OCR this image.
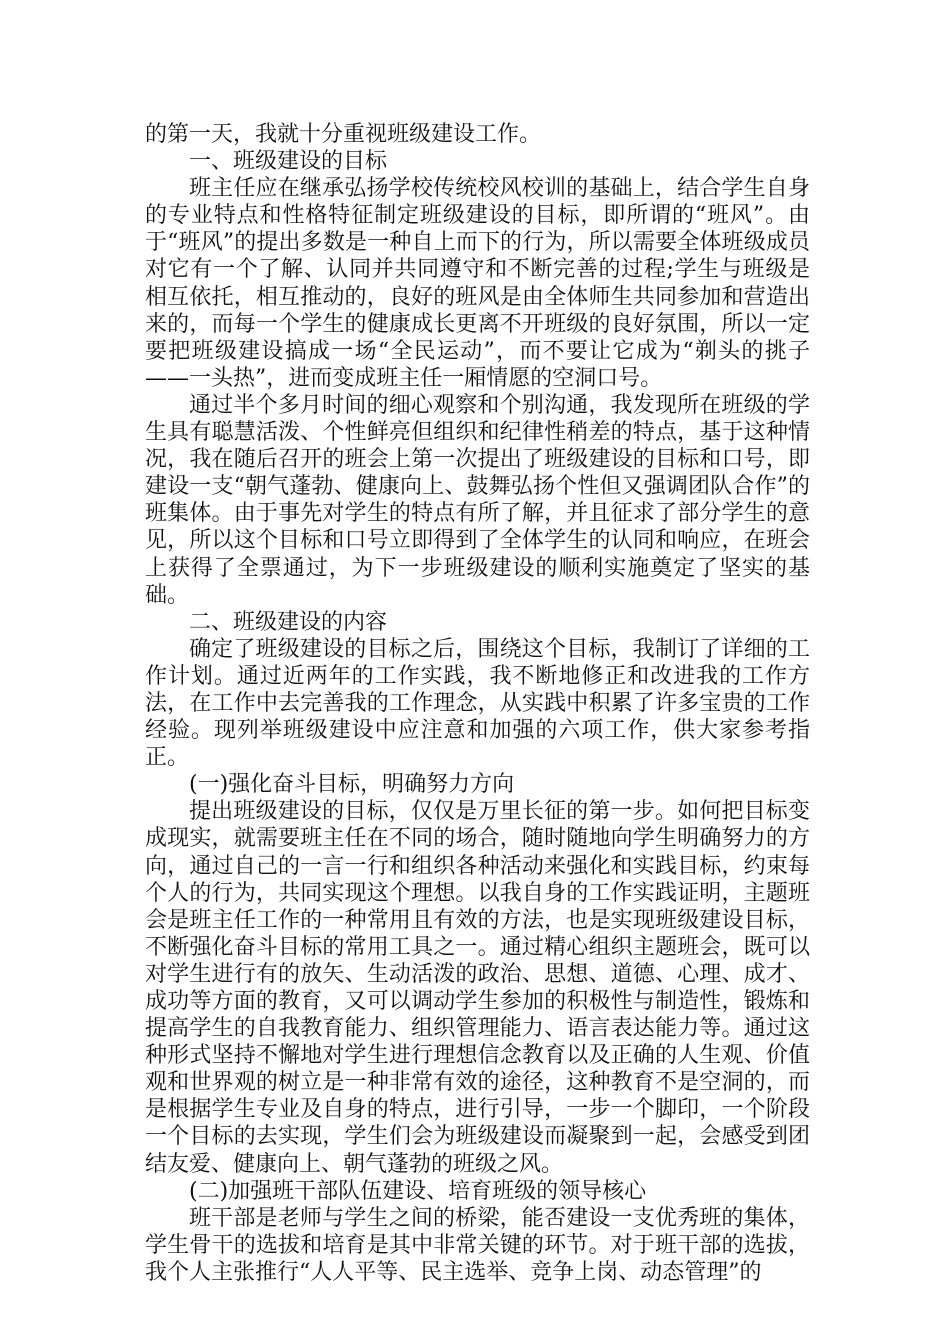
的第一天，我就十分重视班级建设工作。

一、班级建设的目标

班主任应在继承弘扬学校传统校风校训的基础上，结合学生自身的专业特点和性格特征制定班级建设的目标，即所谓的“班风”。由于“班风”的提出多数是一种自上而下的行为，所以需要全体班级成员对它有一个了解、认同并共同遵守和不断完善的过程;学生与班级是相互依托，相互推动的，良好的班风是由全体师生共同参加和营造出来的，而每一个学生的健康成长更离不开班级的良好氛围，所以一定要把班级建设搞成一场“全民运动”，而不要让它成为“剃头的挑子——一头热”，进而变成班主任一厢情愿的空洞口号。

通过半个多月时间的细心观察和个别沟通，我发现所在班级的学生具有聪慧活泼、个性鲜亮但组织和纪律性稍差的特点，基于这种情况，我在随后召开的班会上第一次提出了班级建设的目标和口号，即建设一支“朝气蓬勃、健康向上、鼓舞弘扬个性但又强调团队合作”的班集体。由于事先对学生的特点有所了解，并且征求了部分学生的意见，所以这个目标和口号立即得到了全体学生的认同和响应，在班会上获得了全票通过，为下一步班级建设的顺利实施奠定了坚实的基础。

二、班级建设的内容

确定了班级建设的目标之后，围绕这个目标，我制订了详细的工作计划。通过近两年的工作实践，我不断地修正和改进我的工作方法，在工作中去完善我的工作理念，从实践中积累了许多宝贵的工作经验。现列举班级建设中应注意和加强的六项工作，供大家参考指正。

(一)强化奋斗目标，明确努力方向

提出班级建设的目标，仅仅是万里长征的第一步。如何把目标变成现实，就需要班主任在不同的场合，随时随地向学生明确努力的方向，通过自己的一言一行和组织各种活动来强化和实践目标，约束每个人的行为，共同实现这个理想。以我自身的工作实践证明，主题班会是班主任工作的一种常用且有效的方法，也是实现班级建设目标，不断强化奋斗目标的常用工具之一。通过精心组织主题班会，既可以对学生进行有的放矢、生动活泼的政治、思想、道德、心理、成才、成功等方面的教育，又可以调动学生参加的积极性与制造性，锻炼和提高学生的自我教育能力、组织管理能力、语言表达能力等。通过这种形式坚持不懈地对学生进行理想信念教育以及正确的人生观、价值观和世界观的树立是一种非常有效的途径，这种教育不是空洞的，而是根据学生专业及自身的特点，进行引导，一步一个脚印，一个阶段一个目标的去实现，学生们会为班级建设而凝聚到一起，会感受到团结友爱、健康向上、朝气蓬勃的班级之风。

(二)加强班干部队伍建设、培育班级的领导核心

班干部是老师与学生之间的桥梁，能否建设一支优秀班的集体，学生骨干的选拔和培育是其中非常关键的环节。对于班干部的选拔，我个人主张推行“人人平等、民主选举、竞争上岗、动态管理”的
